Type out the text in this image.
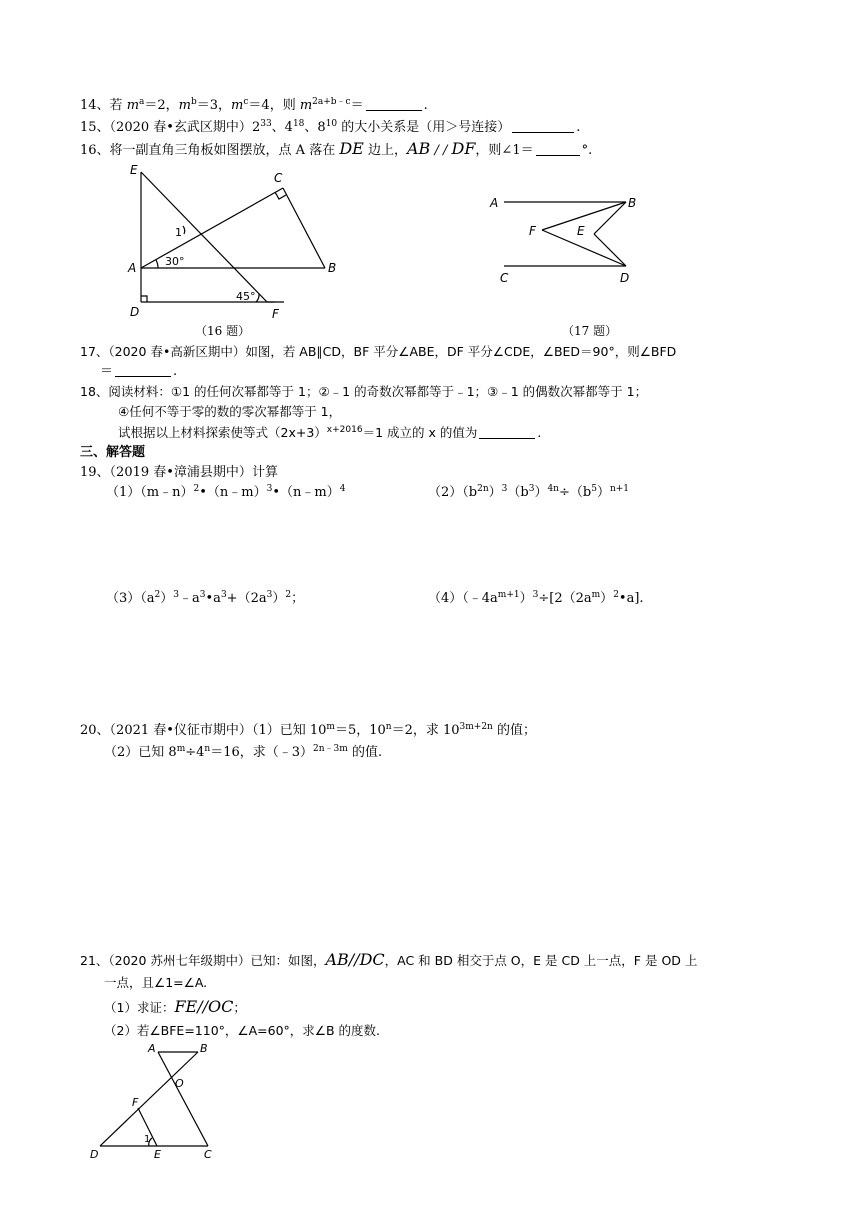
14、若 $m^a=2$，$m^b=3$，$m^c=4$，则 $m^{2a+b﹣c}=$	.
15、（2020 春•玄武区期中）$2^{33}$、$4^{18}$、$8^{10}$ 的大小关系是（用＞号连接）	.
16、将一副直角三角板如图摆放，点 A 落在 DE 边上，AB / / DF，则∠1＝	°.
E
1
A	30°
D
45°
C
B
F
（16 题）
A	B
F	E
C	D
（17 题）
17、（2020 春•高新区期中）如图，若 AB∥CD，BF 平分∠ABE，DF 平分∠CDE，∠BED＝90°，则∠BFD
＝	.
18、阅读材料：①1 的任何次幂都等于 1；②﹣1 的奇数次幂都等于﹣1；③﹣1 的偶数次幂都等于 1；
④任何不等于零的数的零次幂都等于 1，
试根据以上材料探索使等式$(2x+3)^{x+2016}=1$ 成立的 x 的值为	.
三、解答题
19、（2019 春•漳浦县期中）计算
（1）（m﹣n）$^2$•（n﹣m）$^3$•（n﹣m）$^4$	$(2)(b^{2n})^3(b^3)^{4n}\div(b^5)^{n+1}$
$(3)(a^2)^3﹣a^3•a^3+(2a^3)^2$；	$(4)(﹣4a^{m+1})^3\div[2(2a^m)^2•a]$.
20、（2021 春•仪征市期中）（1）已知 $10^m=5$，$10^n=2$，求 $10^{3m+2n}$ 的值；
（2）已知 $8^m\div 4^n=16$，求（﹣3）$^{2n﹣3m}$ 的值.
21、（2020 苏州七年级期中）已知：如图，AB//DC，AC 和 BD 相交于点 O，E 是 CD 上一点，F 是 OD 上
一点，且∠1=∠A.
（1）求证：FE//OC；
（2）若∠BFE=110°，∠A=60°，求∠B 的度数.
A	B
O
F
1
D	E	C
